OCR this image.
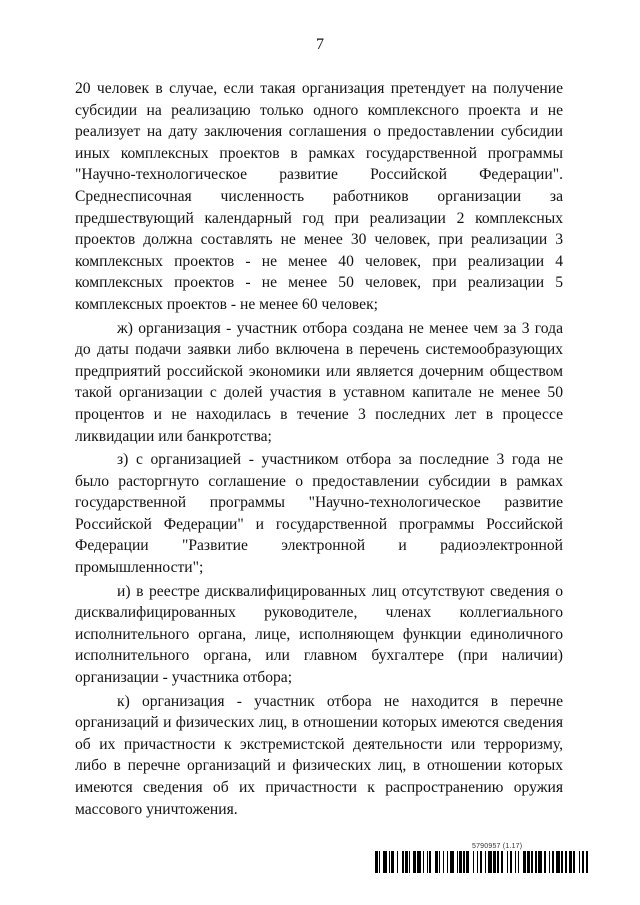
7

20 человек в случае, если такая организация претендует на получение субсидии на реализацию только одного комплексного проекта и не реализует на дату заключения соглашения о предоставлении субсидии иных комплексных проектов в рамках государственной программы "Научно-технологическое развитие Российской Федерации". Среднесписочная численность работников организации за предшествующий календарный год при реализации 2 комплексных проектов должна составлять не менее 30 человек, при реализации 3 комплексных проектов - не менее 40 человек, при реализации 4 комплексных проектов - не менее 50 человек, при реализации 5 комплексных проектов - не менее 60 человек;

ж) организация - участник отбора создана не менее чем за 3 года до даты подачи заявки либо включена в перечень системообразующих предприятий российской экономики или является дочерним обществом такой организации с долей участия в уставном капитале не менее 50 процентов и не находилась в течение 3 последних лет в процессе ликвидации или банкротства;

з) с организацией - участником отбора за последние 3 года не было расторгнуто соглашение о предоставлении субсидии в рамках государственной программы "Научно-технологическое развитие Российской Федерации" и государственной программы Российской Федерации "Развитие электронной и радиоэлектронной промышленности";

и) в реестре дисквалифицированных лиц отсутствуют сведения о дисквалифицированных руководителе, членах коллегиального исполнительного органа, лице, исполняющем функции единоличного исполнительного органа, или главном бухгалтере (при наличии) организации - участника отбора;

к) организация - участник отбора не находится в перечне организаций и физических лиц, в отношении которых имеются сведения об их причастности к экстремистской деятельности или терроризму, либо в перечне организаций и физических лиц, в отношении которых имеются сведения об их причастности к распространению оружия массового уничтожения.

5790957 (1.17)
